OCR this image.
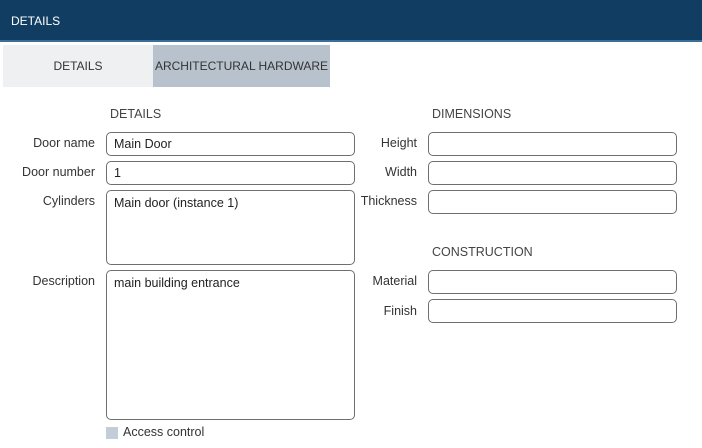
DETAILS
DETAILS	ARCHITECTURAL HARDWARE
DETAILS
Door name
Main Door
Door number
1
Cylinders
Main door (instance 1)
Description
main building entrance
Access control
DIMENSIONS
Height
Width
Thickness
CONSTRUCTION
Material
Finish
